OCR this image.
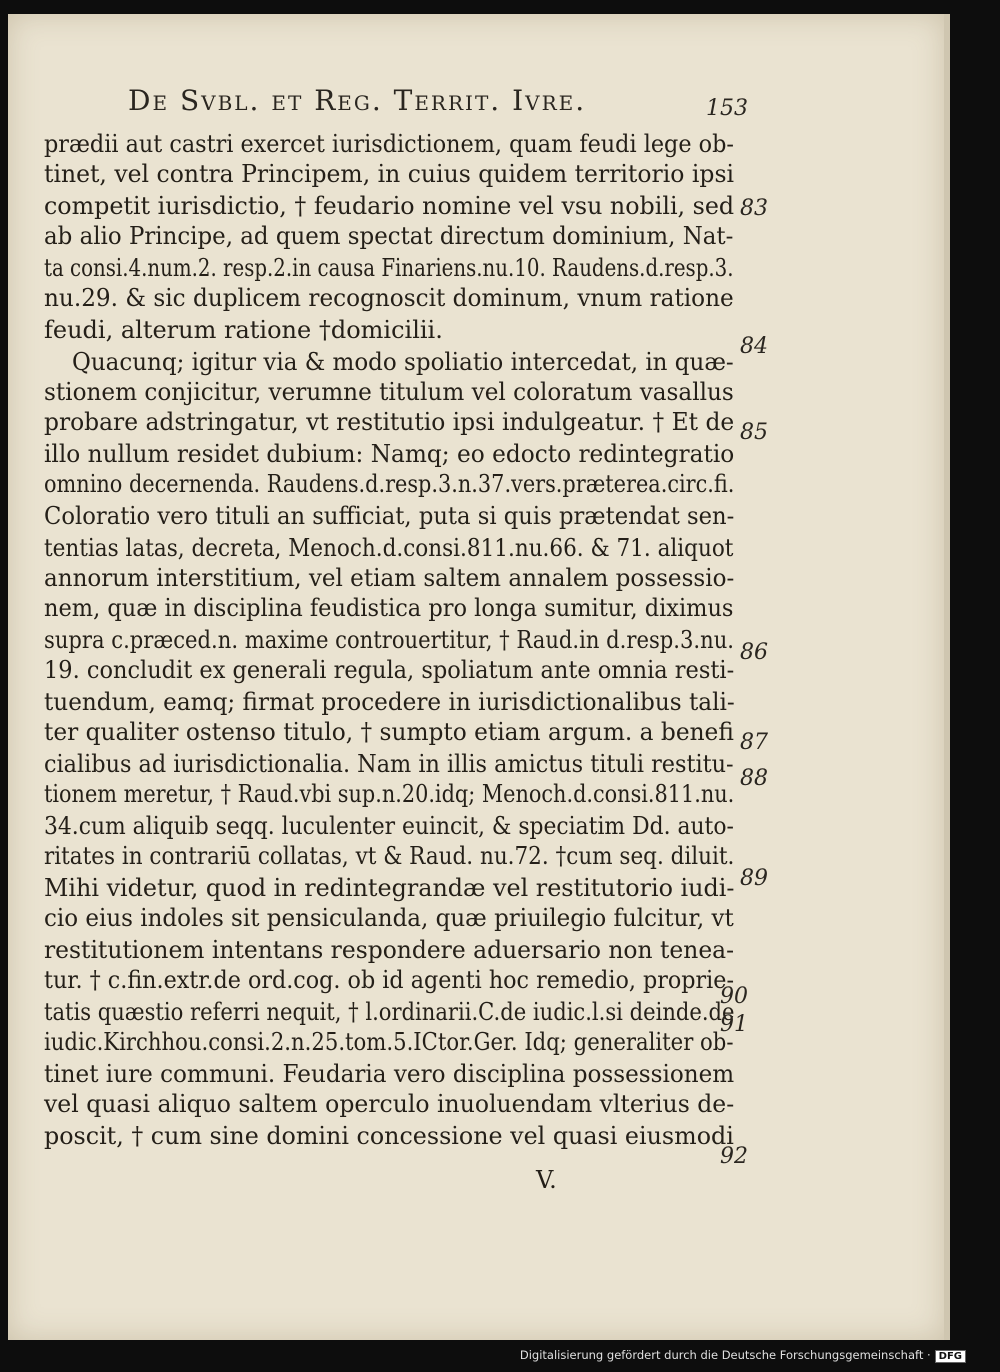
De Svbl. et Reg. Territ. Ivre.	153
prædii aut castri exercet iurisdictionem, quam feudi lege ob-
tinet, vel contra Principem, in cuius quidem territorio ipsi
competit iurisdictio, † feudario nomine vel vsu nobili, sed
ab alio Principe, ad quem spectat directum dominium, Nat-
ta consi.4.num.2. resp.2.in causa Finariens.nu.10. Raudens.d.resp.3.
nu.29. & sic duplicem recognoscit dominum, vnum ratione
feudi, alterum ratione †domicilii.
Quacunq; igitur via & modo spoliatio intercedat, in quæ-
stionem conjicitur, verumne titulum vel coloratum vasallus
probare adstringatur, vt restitutio ipsi indulgeatur. † Et de
illo nullum residet dubium: Namq; eo edocto redintegratio
omnino decernenda. Raudens.d.resp.3.n.37.vers.præterea.circ.fi.
Coloratio vero tituli an sufficiat, puta si quis prætendat sen-
tentias latas, decreta, Menoch.d.consi.811.nu.66. & 71. aliquot
annorum interstitium, vel etiam saltem annalem possessio-
nem, quæ in disciplina feudistica pro longa sumitur, diximus
supra c.præced.n. maxime controuertitur, † Raud.in d.resp.3.nu.
19. concludit ex generali regula, spoliatum ante omnia resti-
tuendum, eamq; firmat procedere in iurisdictionalibus tali-
ter qualiter ostenso titulo, † sumpto etiam argum. a benefi
cialibus ad iurisdictionalia. Nam in illis amictus tituli restitu-
tionem meretur, † Raud.vbi sup.n.20.idq; Menoch.d.consi.811.nu.
34.cum aliquib seqq. luculenter euincit, & speciatim Dd. auto-
ritates in contrariū collatas, vt & Raud. nu.72. †cum seq. diluit.
Mihi videtur, quod in redintegrandæ vel restitutorio iudi-
cio eius indoles sit pensiculanda, quæ priuilegio fulcitur, vt
restitutionem intentans respondere aduersario non tenea-
tur. † c.fin.extr.de ord.cog. ob id agenti hoc remedio, proprie-
tatis quæstio referri nequit, † l.ordinarii.C.de iudic.l.si deinde.de
iudic.Kirchhou.consi.2.n.25.tom.5.ICtor.Ger. Idq; generaliter ob-
tinet iure communi. Feudaria vero disciplina possessionem
vel quasi aliquo saltem operculo inuoluendam vlterius de-
poscit, † cum sine domini concessione vel quasi eiusmodi
83
84
85
86
87
88
89
90
91
92
V.
Digitalisierung gefördert durch die Deutsche Forschungsgemeinschaft · DFG
